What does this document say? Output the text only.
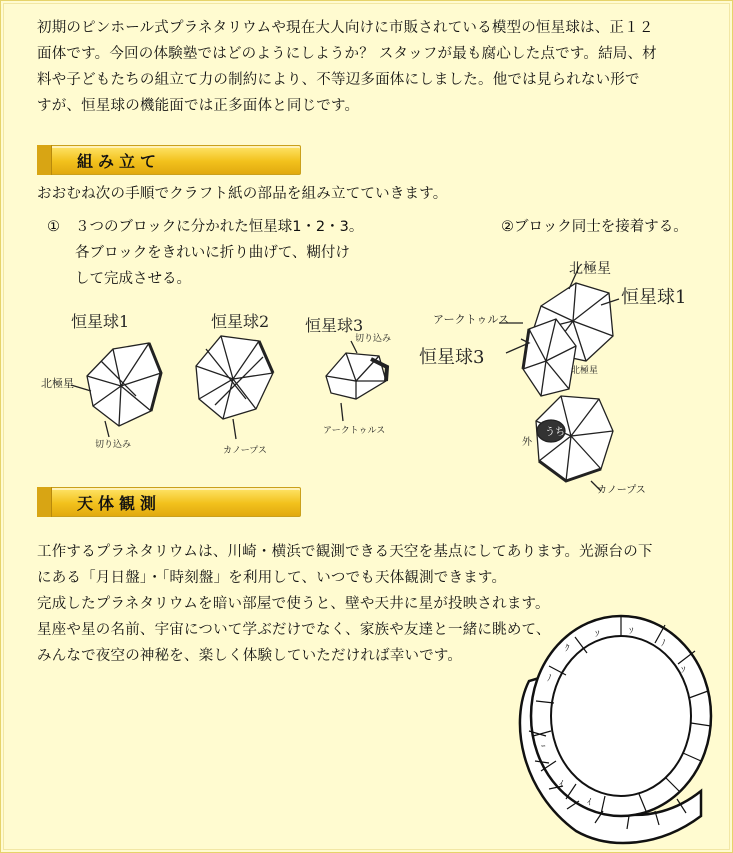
初期のピンホール式プラネタリウムや現在大人向けに市販されている模型の恒星球は、正１２
面体です。今回の体験塾ではどのようにしようか？ スタッフが最も腐心した点です。結局、材
料や子どもたちの組立て力の制約により、不等辺多面体にしました。他では見られない形で
すが、恒星球の機能面では正多面体と同じです。
組み立て
おおむね次の手順でクラフト紙の部品を組み立てていきます。
① ３つのブロックに分かれた恒星球1・2・3。
各ブロックをきれいに折り曲げて、糊付け
して完成させる。
②ブロック同士を接着する。
恒星球1	恒星球2 恒星球3
北極星
切り込み
切り込み
カノープス
アークトゥルス
北極星
恒星球1
アークトゥルス
恒星球3
北極星
うち
外
カノープス
天体観測
工作するプラネタリウムは、川崎・横浜で観測できる天空を基点にしてあります。光源台の下
にある「月日盤」・「時刻盤」を利用して、いつでも天体観測できます。
完成したプラネタリウムを暗い部屋で使うと、壁や天井に星が投映されます。
星座や星の名前、宇宙について学ぶだけでなく、家族や友達と一緒に眺めて、
みんなで夜空の神秘を、楽しく体験していただければ幸いです。
ｿ	ｿ
ﾉ
ｿ
ｸ
ﾉ
ｲ
ｲ
ｰ
